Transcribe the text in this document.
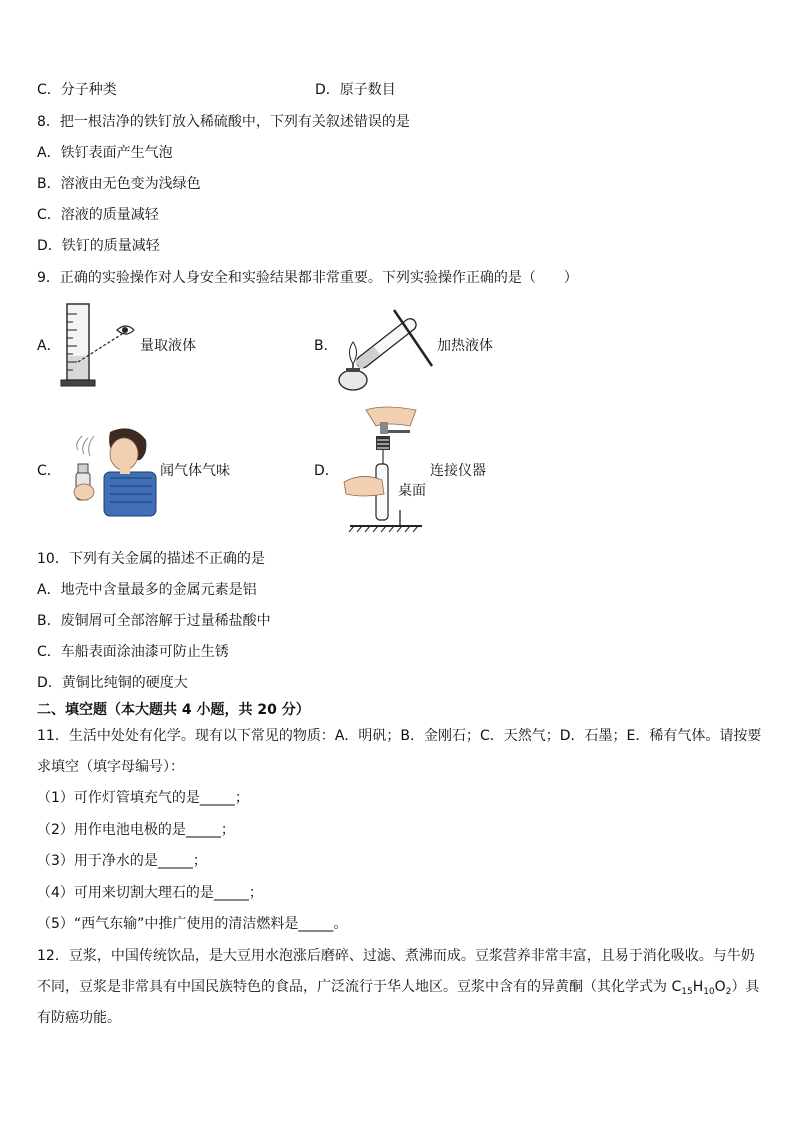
C．分子种类	D．原子数目
8．把一根洁净的铁钉放入稀硫酸中，下列有关叙述错误的是
A．铁钉表面产生气泡
B．溶液由无色变为浅绿色
C．溶液的质量减轻
D．铁钉的质量减轻
9．正确的实验操作对人身安全和实验结果都非常重要。下列实验操作正确的是（　　）
A．	量取液体	B．	加热液体
C．	闻气体气味	D．	连接仪器
桌面
10．下列有关金属的描述不正确的是
A．地壳中含量最多的金属元素是铝
B．废铜屑可全部溶解于过量稀盐酸中
C．车船表面涂油漆可防止生锈
D．黄铜比纯铜的硬度大
二、填空题（本大题共 4 小题，共 20 分）
11．生活中处处有化学。现有以下常见的物质：A．明矾；B．金刚石；C．天然气；D．石墨；E．稀有气体。请按要
求填空（填字母编号）：
（1）可作灯管填充气的是_____；
（2）用作电池电极的是_____；
（3）用于净水的是_____；
（4）可用来切割大理石的是_____；
（5）“西气东输”中推广使用的清洁燃料是_____。
12．豆浆，中国传统饮品，是大豆用水泡涨后磨碎、过滤、煮沸而成。豆浆营养非常丰富，且易于消化吸收。与牛奶
不同，豆浆是非常具有中国民族特色的食品，广泛流行于华人地区。豆浆中含有的异黄酮（其化学式为 $C_{15}H_{10}O_2$）具
有防癌功能。
